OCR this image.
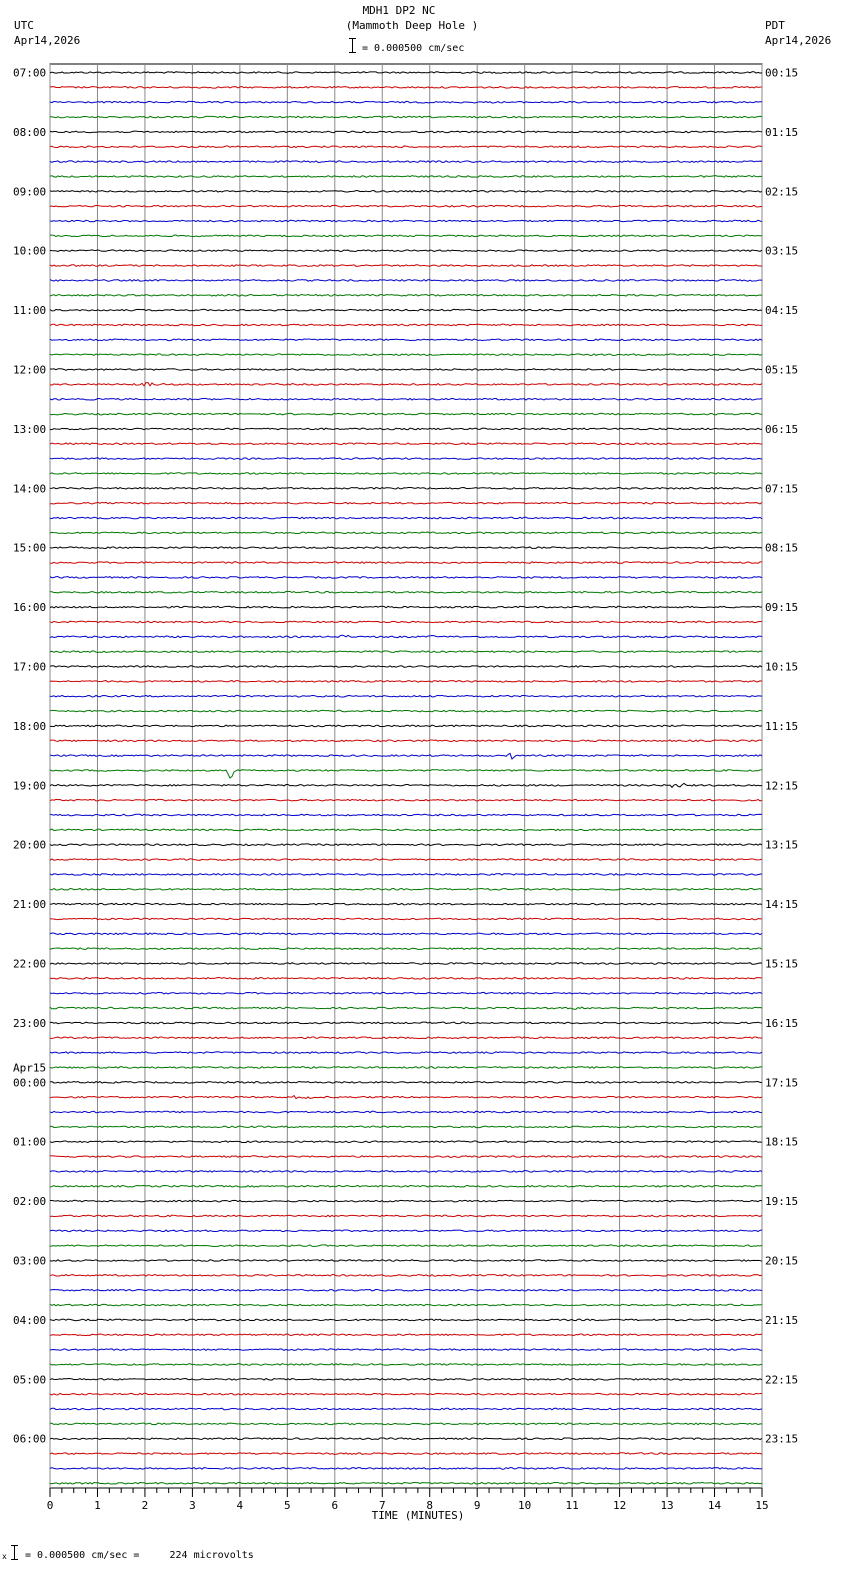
MDH1 DP2 NC
(Mammoth Deep Hole )
= 0.000500 cm/sec
UTC
Apr14,2026
PDT
Apr14,2026
0	1	2	3	4	5	6	7	8	9	10	11	12	13	14	15
07:00	00:15
08:00	01:15
09:00	02:15
10:00	03:15
11:00	04:15
12:00	05:15
13:00	06:15
14:00	07:15
15:00	08:15
16:00	09:15
17:00	10:15
18:00	11:15
19:00	12:15
20:00	13:15
21:00	14:15
22:00	15:15
23:00	16:15
00:00	17:15
01:00	18:15
02:00	19:15
03:00	20:15
04:00	21:15
05:00	22:15
06:00	23:15
Apr15
TIME (MINUTES)
x = 0.000500 cm/sec =     224 microvolts
